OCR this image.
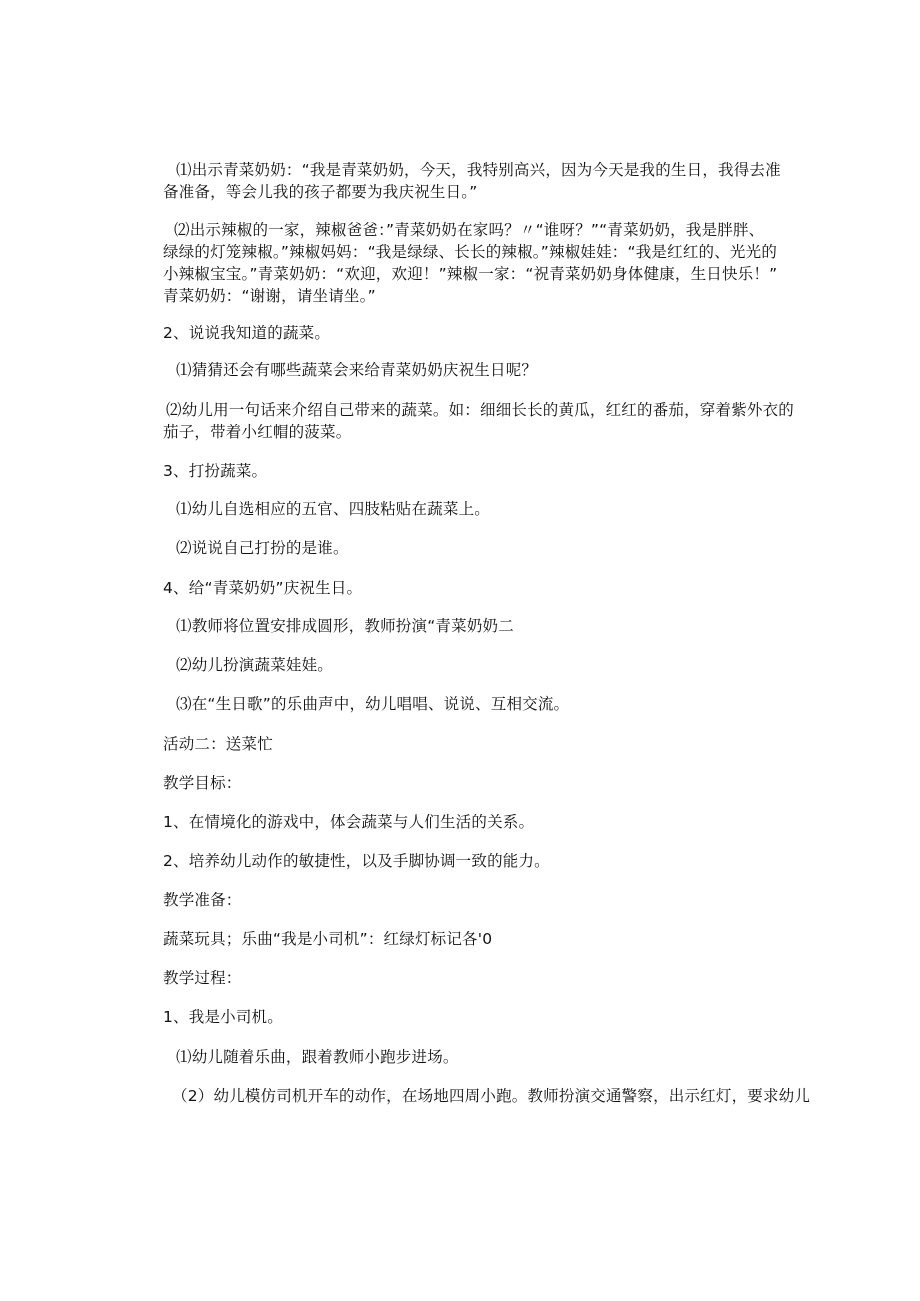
⑴出示青菜奶奶：“我是青菜奶奶，今天，我特别高兴，因为今天是我的生日，我得去准
备准备，等会儿我的孩子都要为我庆祝生日。”
⑵出示辣椒的一家，辣椒爸爸：”青菜奶奶在家吗？〃“谁呀？”“青菜奶奶，我是胖胖、
绿绿的灯笼辣椒。”辣椒妈妈：“我是绿绿、长长的辣椒。”辣椒娃娃：“我是红红的、光光的
小辣椒宝宝。”青菜奶奶：“欢迎，欢迎！”辣椒一家：“祝青菜奶奶身体健康，生日快乐！”
青菜奶奶：“谢谢，请坐请坐。”
2、说说我知道的蔬菜。
⑴猜猜还会有哪些蔬菜会来给青菜奶奶庆祝生日呢？
⑵幼儿用一句话来介绍自己带来的蔬菜。如：细细长长的黄瓜，红红的番茄，穿着紫外衣的
茄子，带着小红帽的菠菜。
3、打扮蔬菜。
⑴幼儿自选相应的五官、四肢粘贴在蔬菜上。
⑵说说自己打扮的是谁。
4、给“青菜奶奶”庆祝生日。
⑴教师将位置安排成圆形，教师扮演“青菜奶奶二
⑵幼儿扮演蔬菜娃娃。
⑶在“生日歌”的乐曲声中，幼儿唱唱、说说、互相交流。
活动二：送菜忙
教学目标：
1、在情境化的游戏中，体会蔬菜与人们生活的关系。
2、培养幼儿动作的敏捷性，以及手脚协调一致的能力。
教学准备：
蔬菜玩具；乐曲“我是小司机”：红绿灯标记各'0
教学过程：
1、我是小司机。
⑴幼儿随着乐曲，跟着教师小跑步进场。
（2）幼儿模仿司机开车的动作，在场地四周小跑。教师扮演交通警察，出示红灯，要求幼儿
